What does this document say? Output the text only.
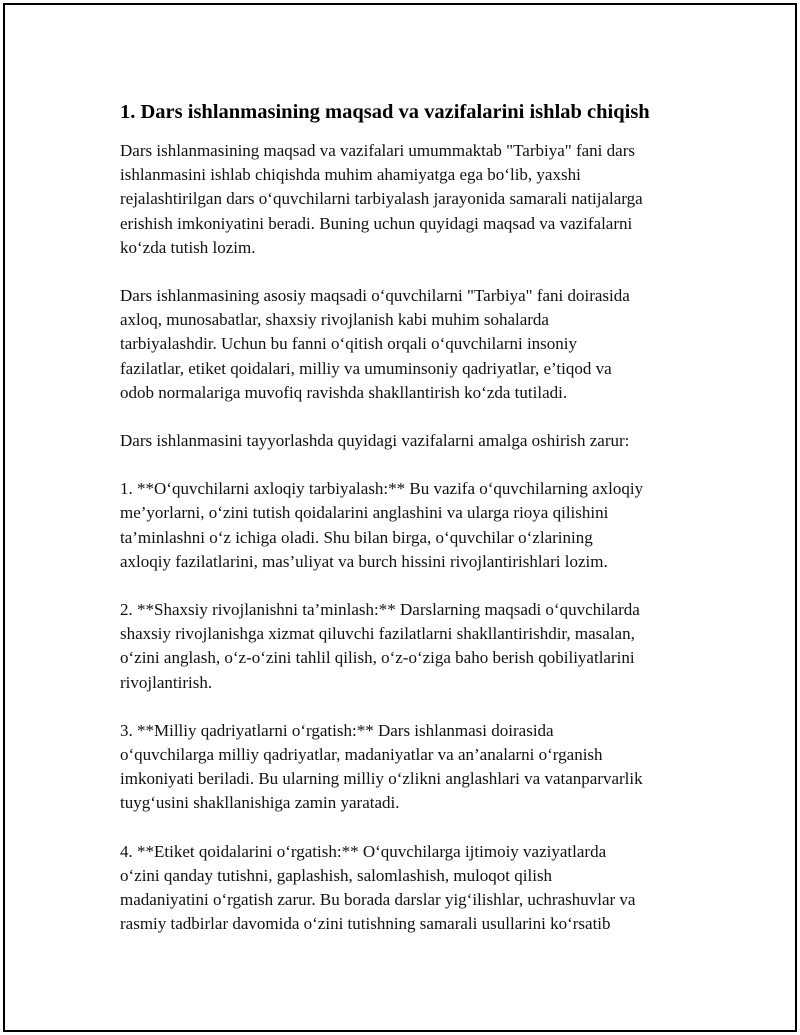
1. Dars ishlanmasining maqsad va vazifalarini ishlab chiqish

Dars ishlanmasining maqsad va vazifalari umummaktab "Tarbiya" fani dars
ishlanmasini ishlab chiqishda muhim ahamiyatga ega bo‘lib, yaxshi
rejalashtirilgan dars o‘quvchilarni tarbiyalash jarayonida samarali natijalarga
erishish imkoniyatini beradi. Buning uchun quyidagi maqsad va vazifalarni
ko‘zda tutish lozim.

Dars ishlanmasining asosiy maqsadi o‘quvchilarni "Tarbiya" fani doirasida
axloq, munosabatlar, shaxsiy rivojlanish kabi muhim sohalarda
tarbiyalashdir. Uchun bu fanni o‘qitish orqali o‘quvchilarni insoniy
fazilatlar, etiket qoidalari, milliy va umuminsoniy qadriyatlar, e’tiqod va
odob normalariga muvofiq ravishda shakllantirish ko‘zda tutiladi.

Dars ishlanmasini tayyorlashda quyidagi vazifalarni amalga oshirish zarur:

1. **O‘quvchilarni axloqiy tarbiyalash:** Bu vazifa o‘quvchilarning axloqiy
me’yorlarni, o‘zini tutish qoidalarini anglashini va ularga rioya qilishini
ta’minlashni o‘z ichiga oladi. Shu bilan birga, o‘quvchilar o‘zlarining
axloqiy fazilatlarini, mas’uliyat va burch hissini rivojlantirishlari lozim.

2. **Shaxsiy rivojlanishni ta’minlash:** Darslarning maqsadi o‘quvchilarda
shaxsiy rivojlanishga xizmat qiluvchi fazilatlarni shakllantirishdir, masalan,
o‘zini anglash, o‘z-o‘zini tahlil qilish, o‘z-o‘ziga baho berish qobiliyatlarini
rivojlantirish.

3. **Milliy qadriyatlarni o‘rgatish:** Dars ishlanmasi doirasida
o‘quvchilarga milliy qadriyatlar, madaniyatlar va an’analarni o‘rganish
imkoniyati beriladi. Bu ularning milliy o‘zlikni anglashlari va vatanparvarlik
tuyg‘usini shakllanishiga zamin yaratadi.

4. **Etiket qoidalarini o‘rgatish:** O‘quvchilarga ijtimoiy vaziyatlarda
o‘zini qanday tutishni, gaplashish, salomlashish, muloqot qilish
madaniyatini o‘rgatish zarur. Bu borada darslar yig‘ilishlar, uchrashuvlar va
rasmiy tadbirlar davomida o‘zini tutishning samarali usullarini ko‘rsatib
